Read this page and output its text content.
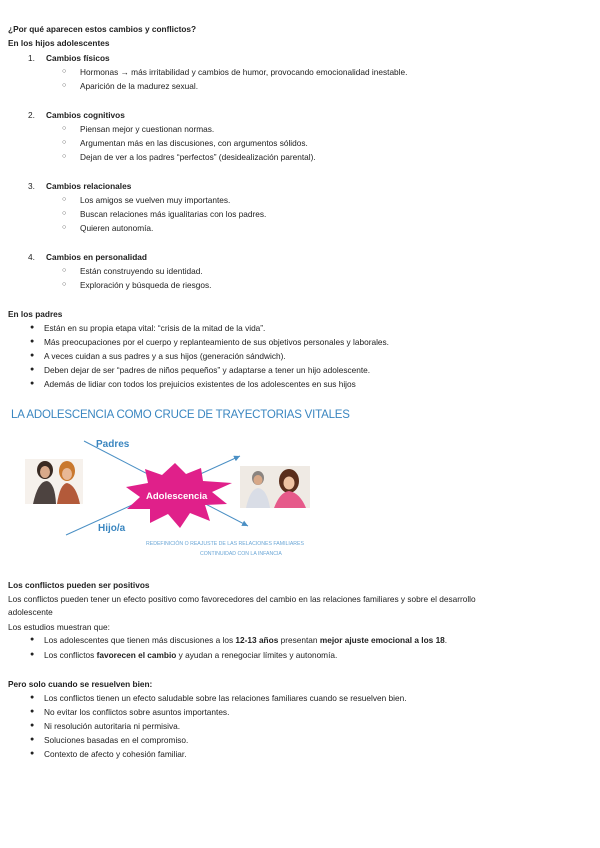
¿Por qué aparecen estos cambios y conflictos?
En los hijos adolescentes
1. Cambios físicos
○ Hormonas → más irritabilidad y cambios de humor, provocando emocionalidad inestable.
○ Aparición de la madurez sexual.
2. Cambios cognitivos
○ Piensan mejor y cuestionan normas.
○ Argumentan más en las discusiones, con argumentos sólidos.
○ Dejan de ver a los padres “perfectos” (desidealización parental).
3. Cambios relacionales
○ Los amigos se vuelven muy importantes.
○ Buscan relaciones más igualitarias con los padres.
○ Quieren autonomía.
4. Cambios en personalidad
○ Están construyendo su identidad.
○ Exploración y búsqueda de riesgos.
En los padres
● Están en su propia etapa vital: “crisis de la mitad de la vida”.
● Más preocupaciones por el cuerpo y replanteamiento de sus objetivos personales y laborales.
● A veces cuidan a sus padres y a sus hijos (generación sándwich).
● Deben dejar de ser “padres de niños pequeños” y adaptarse a tener un hijo adolescente.
● Además de lidiar con todos los prejuicios existentes de los adolescentes en sus hijos
LA ADOLESCENCIA COMO CRUCE DE TRAYECTORIAS VITALES
Padres
Hijo/a
Adolescencia
REDEFINICIÓN O REAJUSTE DE LAS RELACIONES FAMILIARES
CONTINUIDAD CON LA INFANCIA
Los conflictos pueden ser positivos
Los conflictos pueden tener un efecto positivo como favorecedores del cambio en las relaciones familiares y sobre el desarrollo
adolescente
Los estudios muestran que:
● Los adolescentes que tienen más discusiones a los 12-13 años presentan mejor ajuste emocional a los 18.
● Los conflictos favorecen el cambio y ayudan a renegociar límites y autonomía.
Pero solo cuando se resuelven bien:
● Los conflictos tienen un efecto saludable sobre las relaciones familiares cuando se resuelven bien.
● No evitar los conflictos sobre asuntos importantes.
● Ni resolución autoritaria ni permisiva.
● Soluciones basadas en el compromiso.
● Contexto de afecto y cohesión familiar.
